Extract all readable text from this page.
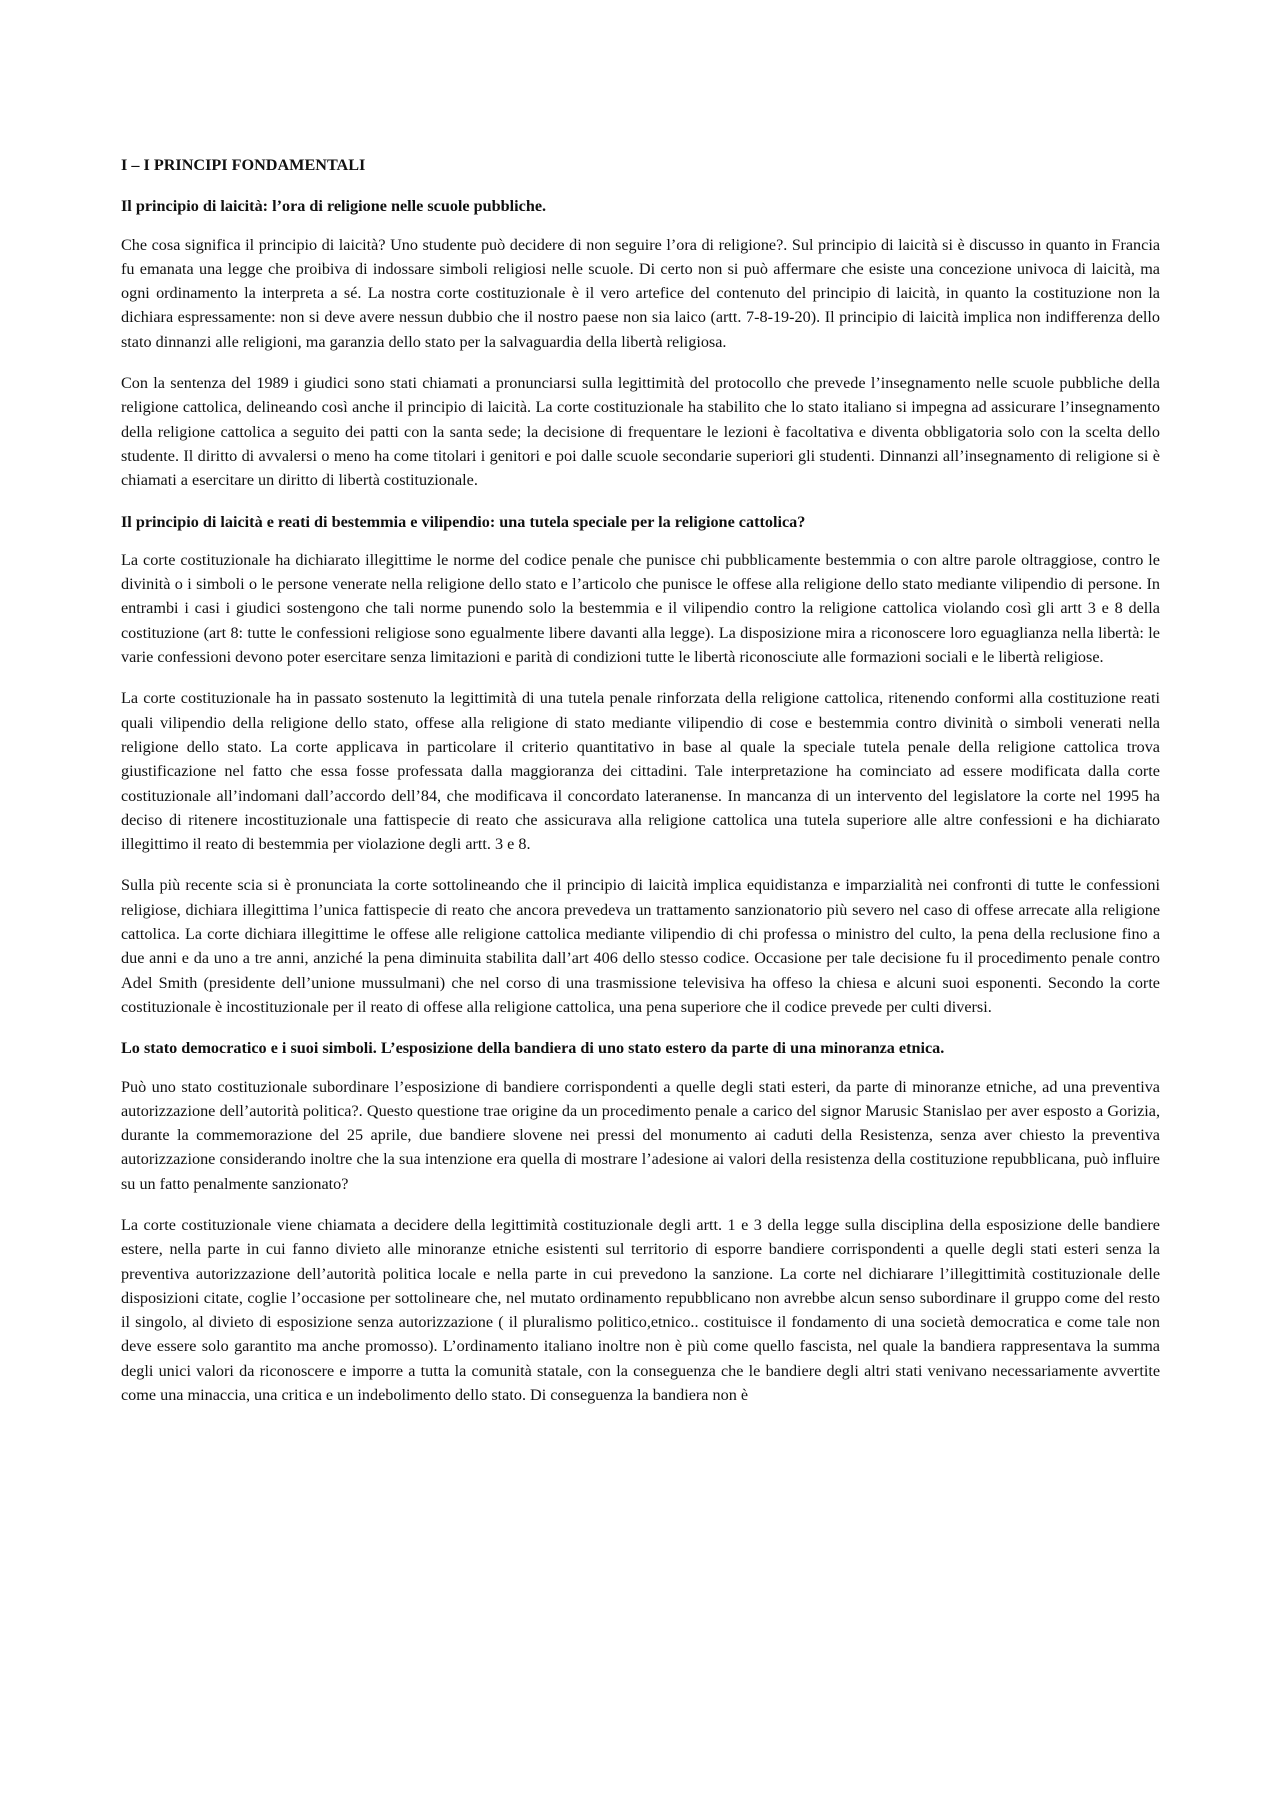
I – I PRINCIPI FONDAMENTALI
Il principio di laicità: l’ora di religione nelle scuole pubbliche.

Che cosa significa il principio di laicità? Uno studente può decidere di non seguire l’ora di religione?. Sul principio di laicità si è discusso in quanto in Francia fu emanata una legge che proibiva di indossare simboli religiosi nelle scuole. Di certo non si può affermare che esiste una concezione univoca di laicità, ma ogni ordinamento la interpreta a sé. La nostra corte costituzionale è il vero artefice del contenuto del principio di laicità, in quanto la costituzione non la dichiara espressamente: non si deve avere nessun dubbio che il nostro paese non sia laico (artt. 7-8-19-20). Il principio di laicità implica non indifferenza dello stato dinnanzi alle religioni, ma garanzia dello stato per la salvaguardia della libertà religiosa.

Con la sentenza del 1989 i giudici sono stati chiamati a pronunciarsi sulla legittimità del protocollo che prevede l’insegnamento nelle scuole pubbliche della religione cattolica, delineando così anche il principio di laicità. La corte costituzionale ha stabilito che lo stato italiano si impegna ad assicurare l’insegnamento della religione cattolica a seguito dei patti con la santa sede; la decisione di frequentare le lezioni è facoltativa e diventa obbligatoria solo con la scelta dello studente. Il diritto di avvalersi o meno ha come titolari i genitori e poi dalle scuole secondarie superiori gli studenti. Dinnanzi all’insegnamento di religione si è chiamati a esercitare un diritto di libertà costituzionale.

Il principio di laicità e reati di bestemmia e vilipendio: una tutela speciale per la religione cattolica?

La corte costituzionale ha dichiarato illegittime le norme del codice penale che punisce chi pubblicamente bestemmia o con altre parole oltraggiose, contro le divinità o i simboli o le persone venerate nella religione dello stato e l’articolo che punisce le offese alla religione dello stato mediante vilipendio di persone. In entrambi i casi i giudici sostengono che tali norme punendo solo la bestemmia e il vilipendio contro la religione cattolica violando così gli artt 3 e 8 della costituzione (art 8: tutte le confessioni religiose sono egualmente libere davanti alla legge). La disposizione mira a riconoscere loro eguaglianza nella libertà: le varie confessioni devono poter esercitare senza limitazioni e parità di condizioni tutte le libertà riconosciute alle formazioni sociali e le libertà religiose.

La corte costituzionale ha in passato sostenuto la legittimità di una tutela penale rinforzata della religione cattolica, ritenendo conformi alla costituzione reati quali vilipendio della religione dello stato, offese alla religione di stato mediante vilipendio di cose e bestemmia contro divinità o simboli venerati nella religione dello stato. La corte applicava in particolare il criterio quantitativo in base al quale la speciale tutela penale della religione cattolica trova giustificazione nel fatto che essa fosse professata dalla maggioranza dei cittadini. Tale interpretazione ha cominciato ad essere modificata dalla corte costituzionale all’indomani dall’accordo dell’84, che modificava il concordato lateranense. In mancanza di un intervento del legislatore la corte nel 1995 ha deciso di ritenere incostituzionale una fattispecie di reato che assicurava alla religione cattolica una tutela superiore alle altre confessioni e ha dichiarato illegittimo il reato di bestemmia per violazione degli artt. 3 e 8.

Sulla più recente scia si è pronunciata la corte sottolineando che il principio di laicità implica equidistanza e imparzialità nei confronti di tutte le confessioni religiose, dichiara illegittima l’unica fattispecie di reato che ancora prevedeva un trattamento sanzionatorio più severo nel caso di offese arrecate alla religione cattolica. La corte dichiara illegittime le offese alle religione cattolica mediante vilipendio di chi professa o ministro del culto, la pena della reclusione fino a due anni e da uno a tre anni, anziché la pena diminuita stabilita dall’art 406 dello stesso codice. Occasione per tale decisione fu il procedimento penale contro Adel Smith (presidente dell’unione mussulmani) che nel corso di una trasmissione televisiva ha offeso la chiesa e alcuni suoi esponenti. Secondo la corte costituzionale è incostituzionale per il reato di offese alla religione cattolica, una pena superiore che il codice prevede per culti diversi.

Lo stato democratico e i suoi simboli. L’esposizione della bandiera di uno stato estero da parte di una minoranza etnica.

Può uno stato costituzionale subordinare l’esposizione di bandiere corrispondenti a quelle degli stati esteri, da parte di minoranze etniche, ad una preventiva autorizzazione dell’autorità politica?. Questo questione trae origine da un procedimento penale a carico del signor Marusic Stanislao per aver esposto a Gorizia, durante la commemorazione del 25 aprile, due bandiere slovene nei pressi del monumento ai caduti della Resistenza, senza aver chiesto la preventiva autorizzazione considerando inoltre che la sua intenzione era quella di mostrare l’adesione ai valori della resistenza della costituzione repubblicana, può influire su un fatto penalmente sanzionato?

La corte costituzionale viene chiamata a decidere della legittimità costituzionale degli artt. 1 e 3 della legge sulla disciplina della esposizione delle bandiere estere, nella parte in cui fanno divieto alle minoranze etniche esistenti sul territorio di esporre bandiere corrispondenti a quelle degli stati esteri senza la preventiva autorizzazione dell’autorità politica locale e nella parte in cui prevedono la sanzione. La corte nel dichiarare l’illegittimità costituzionale delle disposizioni citate, coglie l’occasione per sottolineare che, nel mutato ordinamento repubblicano non avrebbe alcun senso subordinare il gruppo come del resto il singolo, al divieto di esposizione senza autorizzazione ( il pluralismo politico,etnico.. costituisce il fondamento di una società democratica e come tale non deve essere solo garantito ma anche promosso). L’ordinamento italiano inoltre non è più come quello fascista, nel quale la bandiera rappresentava la summa degli unici valori da riconoscere e imporre a tutta la comunità statale, con la conseguenza che le bandiere degli altri stati venivano necessariamente avvertite come una minaccia, una critica e un indebolimento dello stato. Di conseguenza la bandiera non è
